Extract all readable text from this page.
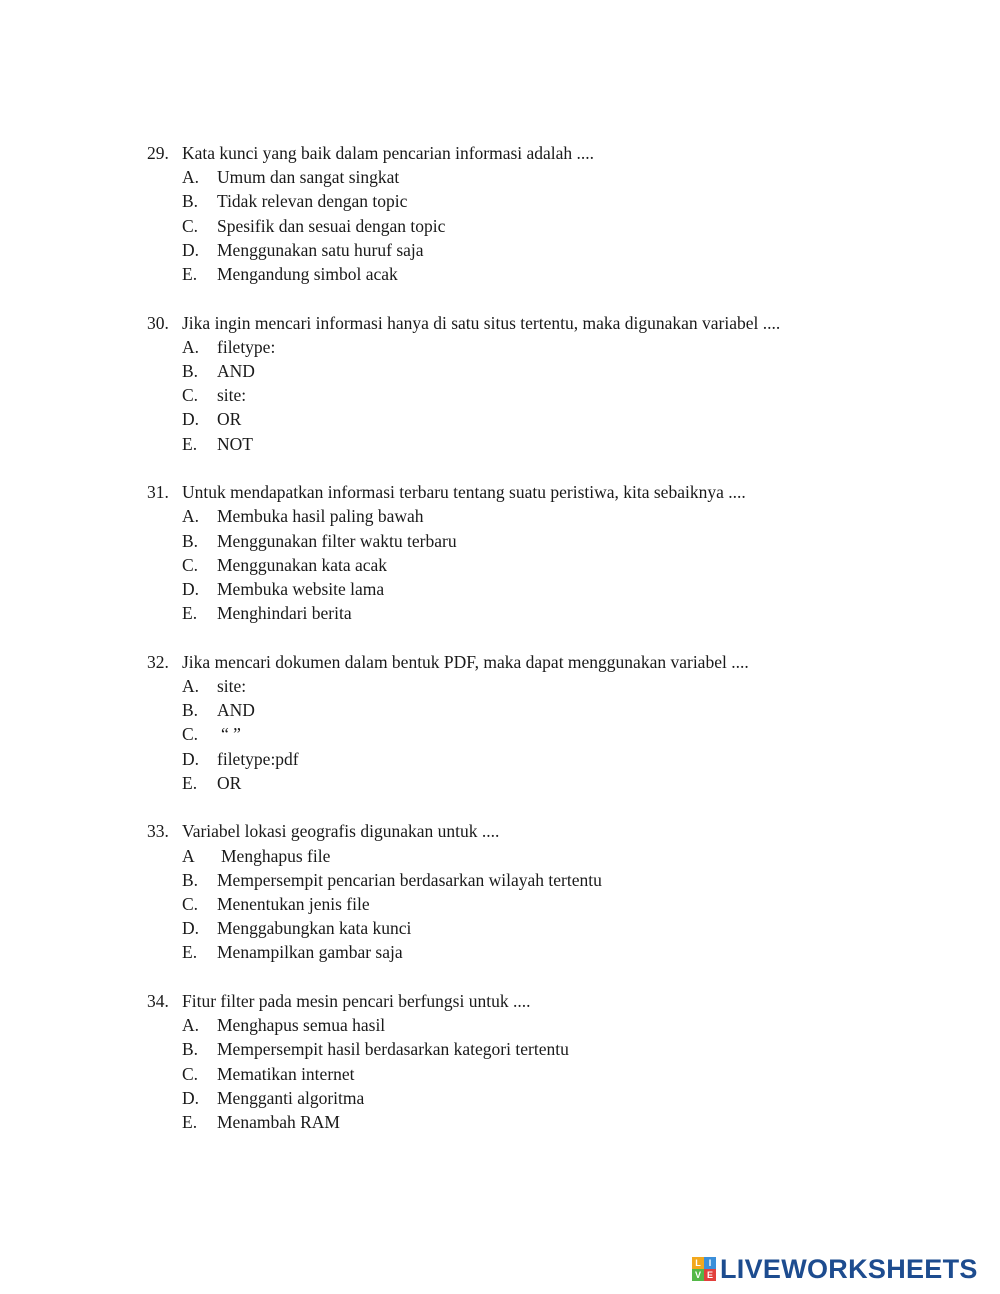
29. Kata kunci yang baik dalam pencarian informasi adalah ....
A. Umum dan sangat singkat
B. Tidak relevan dengan topic
C. Spesifik dan sesuai dengan topic
D. Menggunakan satu huruf saja
E. Mengandung simbol acak
30. Jika ingin mencari informasi hanya di satu situs tertentu, maka digunakan variabel ....
A. filetype:
B. AND
C. site:
D. OR
E. NOT
31. Untuk mendapatkan informasi terbaru tentang suatu peristiwa, kita sebaiknya ....
A. Membuka hasil paling bawah
B. Menggunakan filter waktu terbaru
C. Menggunakan kata acak
D. Membuka website lama
E. Menghindari berita
32. Jika mencari dokumen dalam bentuk PDF, maka dapat menggunakan variabel ....
A. site:
B. AND
C. “ ”
D. filetype:pdf
E. OR
33. Variabel lokasi geografis digunakan untuk ....
A Menghapus file
B. Mempersempit pencarian berdasarkan wilayah tertentu
C. Menentukan jenis file
D. Menggabungkan kata kunci
E. Menampilkan gambar saja
34. Fitur filter pada mesin pencari berfungsi untuk ....
A. Menghapus semua hasil
B. Mempersempit hasil berdasarkan kategori tertentu
C. Mematikan internet
D. Mengganti algoritma
E. Menambah RAM
L I
V E LIVEWORKSHEETS
